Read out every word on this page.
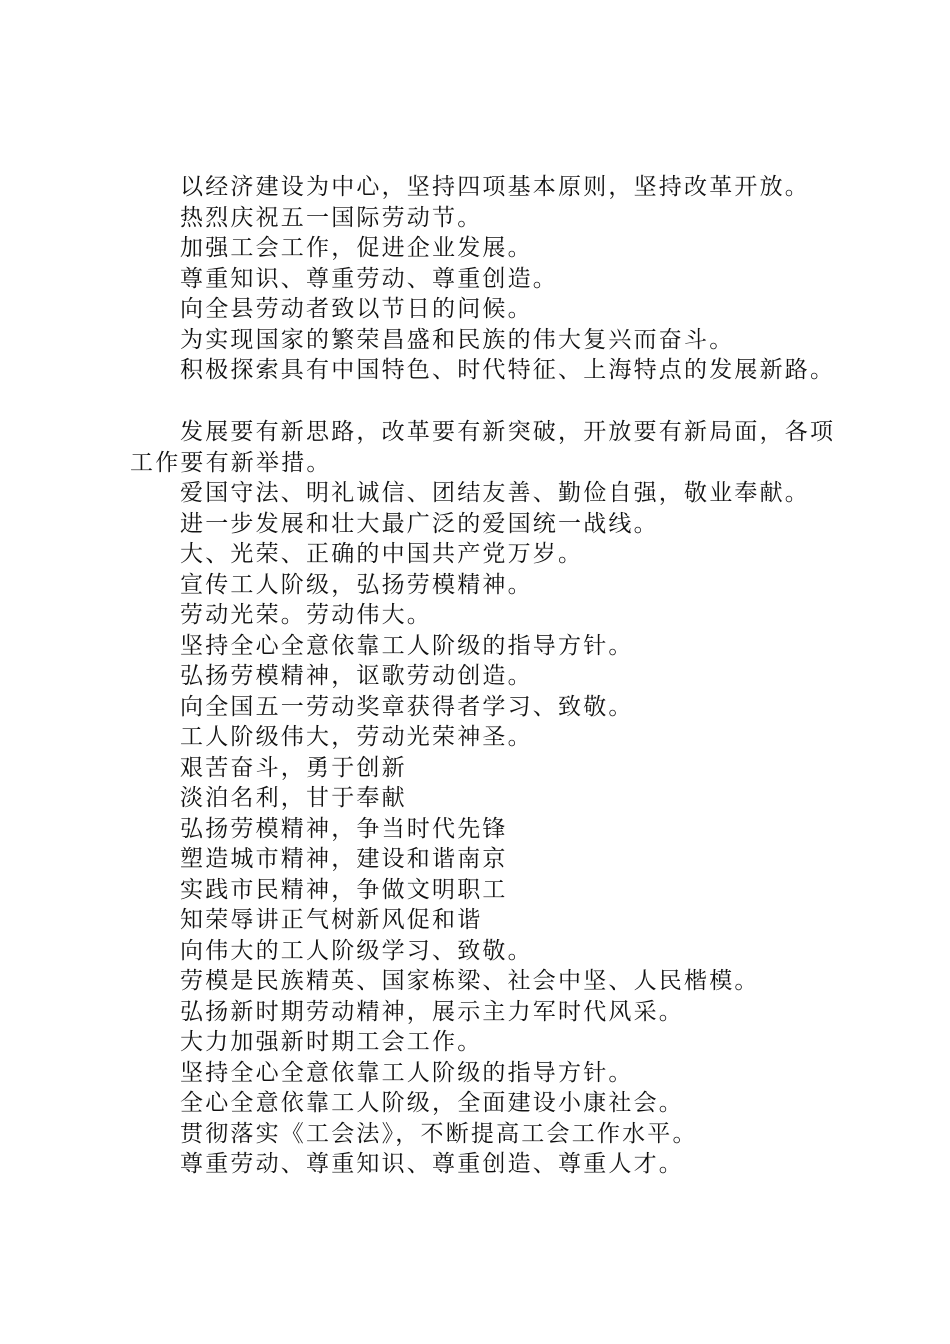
以经济建设为中心，坚持四项基本原则，坚持改革开放。
热烈庆祝五一国际劳动节。
加强工会工作，促进企业发展。
尊重知识、尊重劳动、尊重创造。
向全县劳动者致以节日的问候。
为实现国家的繁荣昌盛和民族的伟大复兴而奋斗。
积极探索具有中国特色、时代特征、上海特点的发展新路。
发展要有新思路，改革要有新突破，开放要有新局面，各项工作要有新举措。
爱国守法、明礼诚信、团结友善、勤俭自强，敬业奉献。
进一步发展和壮大最广泛的爱国统一战线。
大、光荣、正确的中国共产党万岁。
宣传工人阶级，弘扬劳模精神。
劳动光荣。劳动伟大。
坚持全心全意依靠工人阶级的指导方针。
弘扬劳模精神，讴歌劳动创造。
向全国五一劳动奖章获得者学习、致敬。
工人阶级伟大，劳动光荣神圣。
艰苦奋斗，勇于创新
淡泊名利，甘于奉献
弘扬劳模精神，争当时代先锋
塑造城市精神，建设和谐南京
实践市民精神，争做文明职工
知荣辱讲正气树新风促和谐
向伟大的工人阶级学习、致敬。
劳模是民族精英、国家栋梁、社会中坚、人民楷模。
弘扬新时期劳动精神，展示主力军时代风采。
大力加强新时期工会工作。
坚持全心全意依靠工人阶级的指导方针。
全心全意依靠工人阶级，全面建设小康社会。
贯彻落实《工会法》，不断提高工会工作水平。
尊重劳动、尊重知识、尊重创造、尊重人才。
